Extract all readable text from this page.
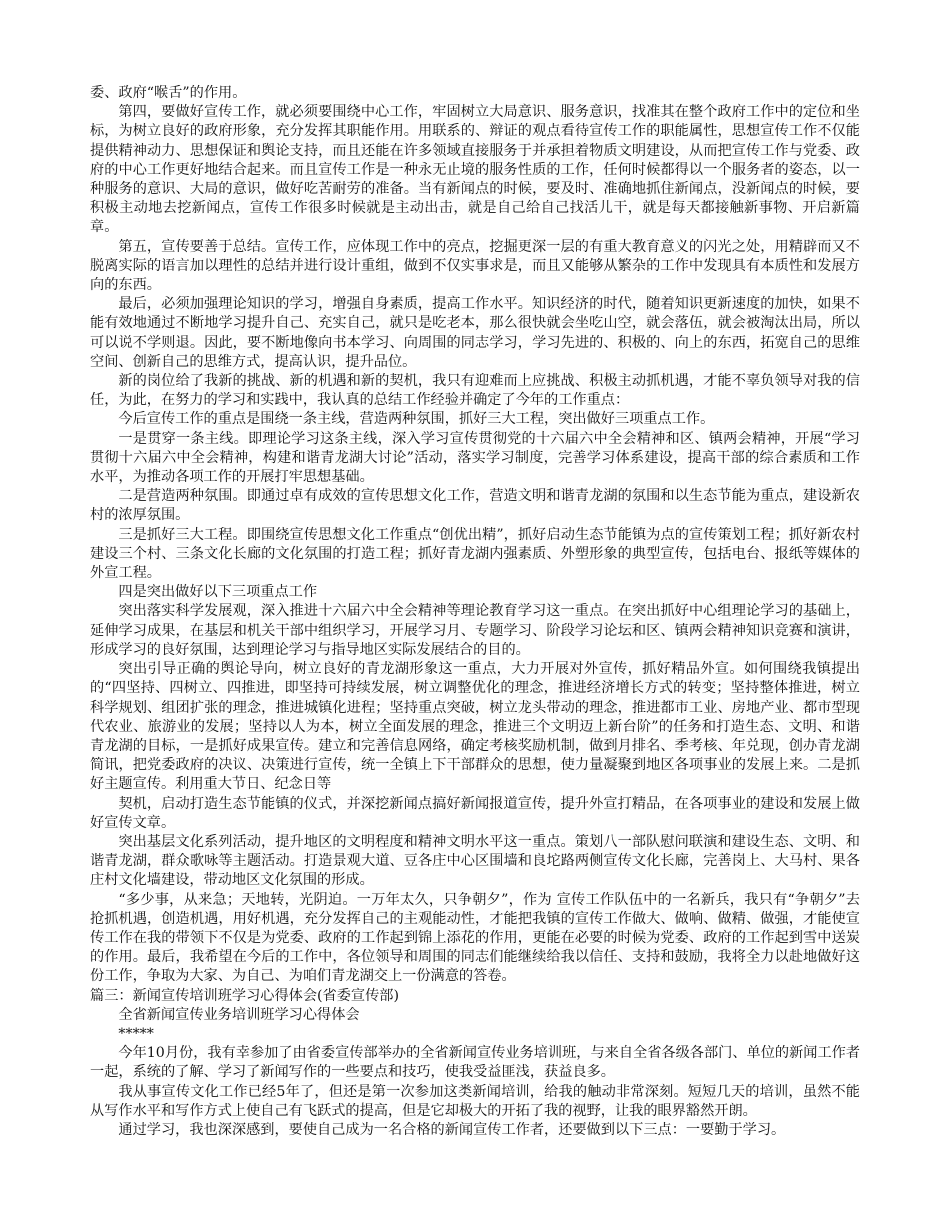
委、政府“喉舌”的作用。

第四，要做好宣传工作，就必须要围绕中心工作，牢固树立大局意识、服务意识，找准其在整个政府工作中的定位和坐标，为树立良好的政府形象，充分发挥其职能作用。用联系的、辩证的观点看待宣传工作的职能属性，思想宣传工作不仅能提供精神动力、思想保证和舆论支持，而且还能在许多领域直接服务于并承担着物质文明建设，从而把宣传工作与党委、政府的中心工作更好地结合起来。而且宣传工作是一种永无止境的服务性质的工作，任何时候都得以一个服务者的姿态，以一种服务的意识、大局的意识，做好吃苦耐劳的准备。当有新闻点的时候，要及时、准确地抓住新闻点，没新闻点的时候，要积极主动地去挖新闻点，宣传工作很多时候就是主动出击，就是自己给自己找活儿干，就是每天都接触新事物、开启新篇章。

第五，宣传要善于总结。宣传工作，应体现工作中的亮点，挖掘更深一层的有重大教育意义的闪光之处，用精辟而又不脱离实际的语言加以理性的总结并进行设计重组，做到不仅实事求是，而且又能够从繁杂的工作中发现具有本质性和发展方向的东西。

最后，必须加强理论知识的学习，增强自身素质，提高工作水平。知识经济的时代，随着知识更新速度的加快，如果不能有效地通过不断地学习提升自己、充实自己，就只是吃老本，那么很快就会坐吃山空，就会落伍，就会被淘汰出局，所以可以说不学则退。因此，要不断地像向书本学习、向周围的同志学习，学习先进的、积极的、向上的东西，拓宽自己的思维空间、创新自己的思维方式，提高认识，提升品位。

新的岗位给了我新的挑战、新的机遇和新的契机，我只有迎难而上应挑战、积极主动抓机遇，才能不辜负领导对我的信任，为此，在努力的学习和实践中，我认真的总结工作经验并确定了今年的工作重点：

今后宣传工作的重点是围绕一条主线，营造两种氛围，抓好三大工程，突出做好三项重点工作。

一是贯穿一条主线。即理论学习这条主线，深入学习宣传贯彻党的十六届六中全会精神和区、镇两会精神，开展“学习贯彻十六届六中全会精神，构建和谐青龙湖大讨论”活动，落实学习制度，完善学习体系建设，提高干部的综合素质和工作水平，为推动各项工作的开展打牢思想基础。

二是营造两种氛围。即通过卓有成效的宣传思想文化工作，营造文明和谐青龙湖的氛围和以生态节能为重点，建设新农村的浓厚氛围。

三是抓好三大工程。即围绕宣传思想文化工作重点“创优出精”，抓好启动生态节能镇为点的宣传策划工程；抓好新农村建设三个村、三条文化长廊的文化氛围的打造工程；抓好青龙湖内强素质、外塑形象的典型宣传，包括电台、报纸等媒体的外宣工程。

四是突出做好以下三项重点工作

突出落实科学发展观，深入推进十六届六中全会精神等理论教育学习这一重点。在突出抓好中心组理论学习的基础上，延伸学习成果，在基层和机关干部中组织学习，开展学习月、专题学习、阶段学习论坛和区、镇两会精神知识竞赛和演讲，形成学习的良好氛围，达到理论学习与指导地区实际发展结合的目的。

突出引导正确的舆论导向，树立良好的青龙湖形象这一重点，大力开展对外宣传，抓好精品外宣。如何围绕我镇提出的“四坚持、四树立、四推进，即坚持可持续发展，树立调整优化的理念，推进经济增长方式的转变；坚持整体推进，树立科学规划、组团扩张的理念，推进城镇化进程；坚持重点突破，树立龙头带动的理念，推进都市工业、房地产业、都市型现代农业、旅游业的发展；坚持以人为本，树立全面发展的理念，推进三个文明迈上新台阶”的任务和打造生态、文明、和谐青龙湖的目标，一是抓好成果宣传。建立和完善信息网络，确定考核奖励机制，做到月排名、季考核、年兑现，创办青龙湖简讯，把党委政府的决议、决策进行宣传，统一全镇上下干部群众的思想，使力量凝聚到地区各项事业的发展上来。二是抓好主题宣传。利用重大节日、纪念日等

契机，启动打造生态节能镇的仪式，并深挖新闻点搞好新闻报道宣传，提升外宣打精品，在各项事业的建设和发展上做好宣传文章。

突出基层文化系列活动，提升地区的文明程度和精神文明水平这一重点。策划八一部队慰问联演和建设生态、文明、和谐青龙湖，群众歌咏等主题活动。打造景观大道、豆各庄中心区围墙和良坨路两侧宣传文化长廊，完善岗上、大马村、果各庄村文化墙建设，带动地区文化氛围的形成。

“多少事，从来急；天地转，光阴迫。一万年太久，只争朝夕”，作为 宣传工作队伍中的一名新兵，我只有“争朝夕”去抢抓机遇，创造机遇，用好机遇，充分发挥自己的主观能动性，才能把我镇的宣传工作做大、做响、做精、做强，才能使宣传工作在我的带领下不仅是为党委、政府的工作起到锦上添花的作用，更能在必要的时候为党委、政府的工作起到雪中送炭的作用。最后，我希望在今后的工作中，各位领导和周围的同志们能继续给我以信任、支持和鼓励，我将全力以赴地做好这份工作，争取为大家、为自己、为咱们青龙湖交上一份满意的答卷。

篇三：新闻宣传培训班学习心得体会(省委宣传部)

全省新闻宣传业务培训班学习心得体会

*****

今年10月份，我有幸参加了由省委宣传部举办的全省新闻宣传业务培训班，与来自全省各级各部门、单位的新闻工作者一起，系统的了解、学习了新闻写作的一些要点和技巧，使我受益匪浅，获益良多。

我从事宣传文化工作已经5年了，但还是第一次参加这类新闻培训，给我的触动非常深刻。短短几天的培训，虽然不能从写作水平和写作方式上使自己有飞跃式的提高，但是它却极大的开拓了我的视野，让我的眼界豁然开朗。

通过学习，我也深深感到，要使自己成为一名合格的新闻宣传工作者，还要做到以下三点：一要勤于学习。
